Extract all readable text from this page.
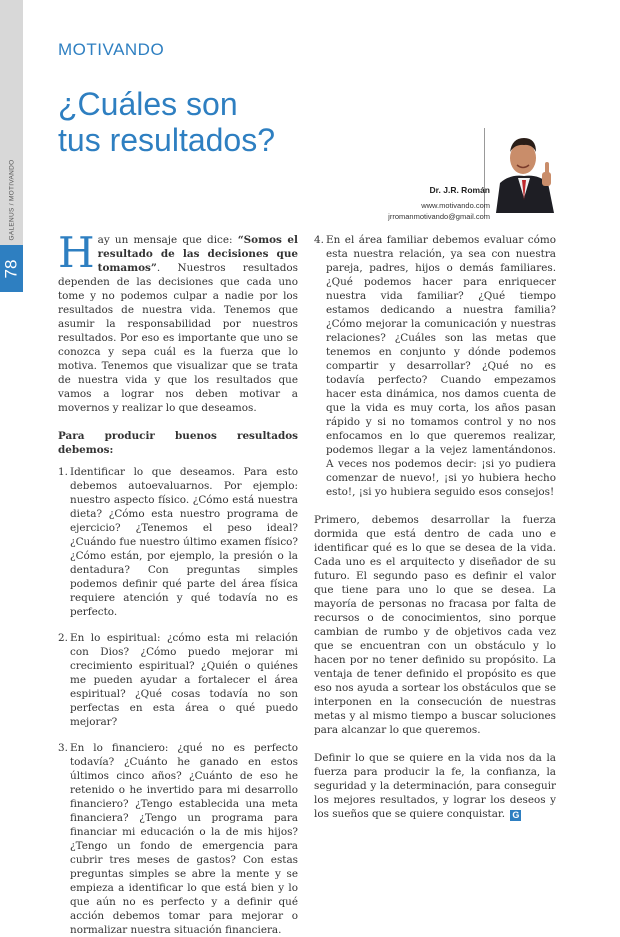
GALENUS / MOTIVANDO
78
MOTIVANDO
¿Cuáles son
tus resultados?
Dr. J.R. Román
www.motivando.com
jrromanmotivando@gmail.com

Hay un mensaje que dice: “Somos el resultado de las decisiones que tomamos”. Nuestros resultados dependen de las decisiones que cada uno tome y no podemos culpar a nadie por los resultados de nuestra vida. Tenemos que asumir la responsabilidad por nuestros resultados. Por eso es importante que uno se conozca y sepa cuál es la fuerza que lo motiva. Tenemos que visualizar que se trata de nuestra vida y que los resultados que vamos a lograr nos deben motivar a movernos y realizar lo que deseamos.

Para producir buenos resultados debemos:

1. Identificar lo que deseamos. Para esto debemos autoevaluarnos. Por ejemplo: nuestro aspecto físico. ¿Cómo está nuestra dieta? ¿Cómo esta nuestro programa de ejercicio? ¿Tenemos el peso ideal? ¿Cuándo fue nuestro último examen físico? ¿Cómo están, por ejemplo, la presión o la dentadura? Con preguntas simples podemos definir qué parte del área física requiere atención y qué todavía no es perfecto.
2. En lo espiritual: ¿cómo esta mi relación con Dios? ¿Cómo puedo mejorar mi crecimiento espiritual? ¿Quién o quiénes me pueden ayudar a fortalecer el área espiritual? ¿Qué cosas todavía no son perfectas en esta área o qué puedo mejorar?
3. En lo financiero: ¿qué no es perfecto todavía? ¿Cuánto he ganado en estos últimos cinco años? ¿Cuánto de eso he retenido o he invertido para mi desarrollo financiero? ¿Tengo establecida una meta financiera? ¿Tengo un programa para financiar mi educación o la de mis hijos? ¿Tengo un fondo de emergencia para cubrir tres meses de gastos? Con estas preguntas simples se abre la mente y se empieza a identificar lo que está bien y lo que aún no es perfecto y a definir qué acción debemos tomar para mejorar o normalizar nuestra situación financiera.
4. En el área familiar debemos evaluar cómo esta nuestra relación, ya sea con nuestra pareja, padres, hijos o demás familiares. ¿Qué podemos hacer para enriquecer nuestra vida familiar? ¿Qué tiempo estamos dedicando a nuestra familia? ¿Cómo mejorar la comunicación y nuestras relaciones? ¿Cuáles son las metas que tenemos en conjunto y dónde podemos compartir y desarrollar? ¿Qué no es todavía perfecto? Cuando empezamos hacer esta dinámica, nos damos cuenta de que la vida es muy corta, los años pasan rápido y si no tomamos control y no nos enfocamos en lo que queremos realizar, podemos llegar a la vejez lamentándonos. A veces nos podemos decir: ¡si yo pudiera comenzar de nuevo!, ¡si yo hubiera hecho esto!, ¡si yo hubiera seguido esos consejos!

Primero, debemos desarrollar la fuerza dormida que está dentro de cada uno e identificar qué es lo que se desea de la vida. Cada uno es el arquitecto y diseñador de su futuro. El segundo paso es definir el valor que tiene para uno lo que se desea. La mayoría de personas no fracasa por falta de recursos o de conocimientos, sino porque cambian de rumbo y de objetivos cada vez que se encuentran con un obstáculo y lo hacen por no tener definido su propósito. La ventaja de tener definido el propósito es que eso nos ayuda a sortear los obstáculos que se interponen en la consecución de nuestras metas y al mismo tiempo a buscar soluciones para alcanzar lo que queremos.

Definir lo que se quiere en la vida nos da la fuerza para producir la fe, la confianza, la seguridad y la determinación, para conseguir los mejores resultados, y lograr los deseos y los sueños que se quiere conquistar. G
